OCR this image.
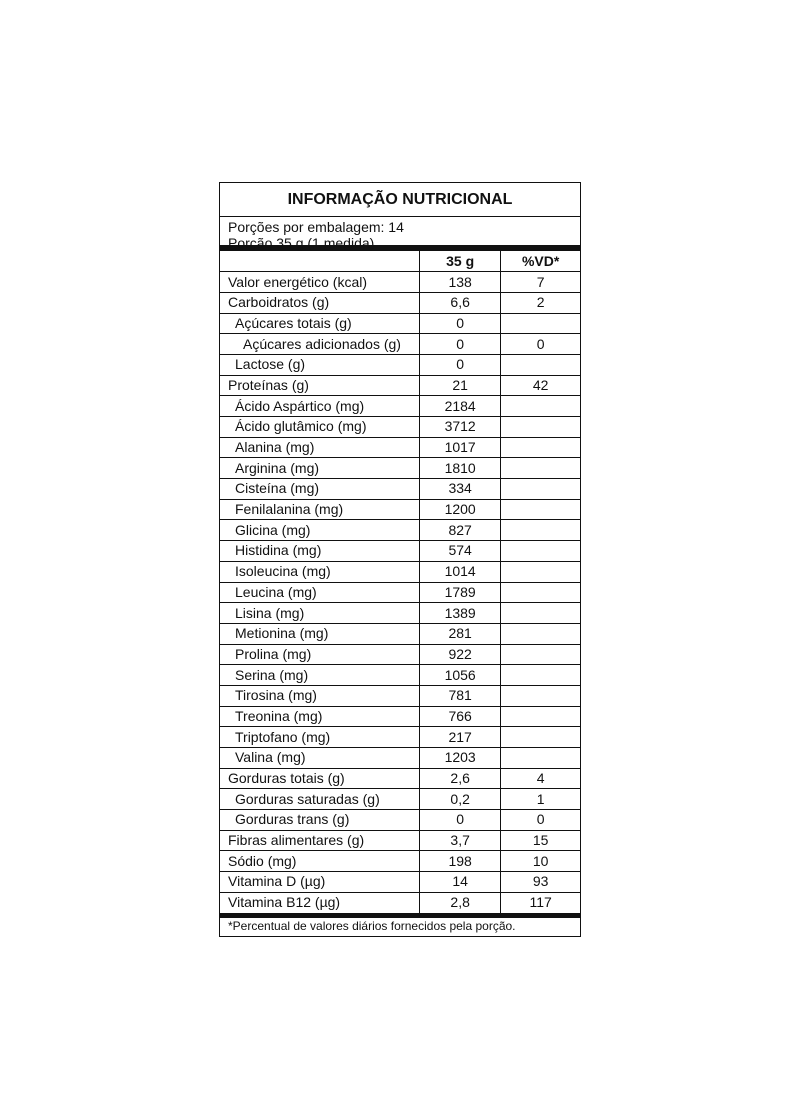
INFORMAÇÃO NUTRICIONAL
Porções por embalagem: 14
Porção 35 g (1 medida)
	35 g	%VD*
Valor energético (kcal)	138	7
Carboidratos (g)	6,6	2
Açúcares totais (g)	0	
Açúcares adicionados (g)	0	0
Lactose (g)	0	
Proteínas (g)	21	42
Ácido Aspártico (mg)	2184	
Ácido glutâmico (mg)	3712	
Alanina (mg)	1017	
Arginina (mg)	1810	
Cisteína (mg)	334	
Fenilalanina (mg)	1200	
Glicina (mg)	827	
Histidina (mg)	574	
Isoleucina (mg)	1014	
Leucina (mg)	1789	
Lisina (mg)	1389	
Metionina (mg)	281	
Prolina (mg)	922	
Serina (mg)	1056	
Tirosina (mg)	781	
Treonina (mg)	766	
Triptofano (mg)	217	
Valina (mg)	1203	
Gorduras totais (g)	2,6	4
Gorduras saturadas (g)	0,2	1
Gorduras trans (g)	0	0
Fibras alimentares (g)	3,7	15
Sódio (mg)	198	10
Vitamina D (µg)	14	93
Vitamina B12 (µg)	2,8	117
*Percentual de valores diários fornecidos pela porção.
